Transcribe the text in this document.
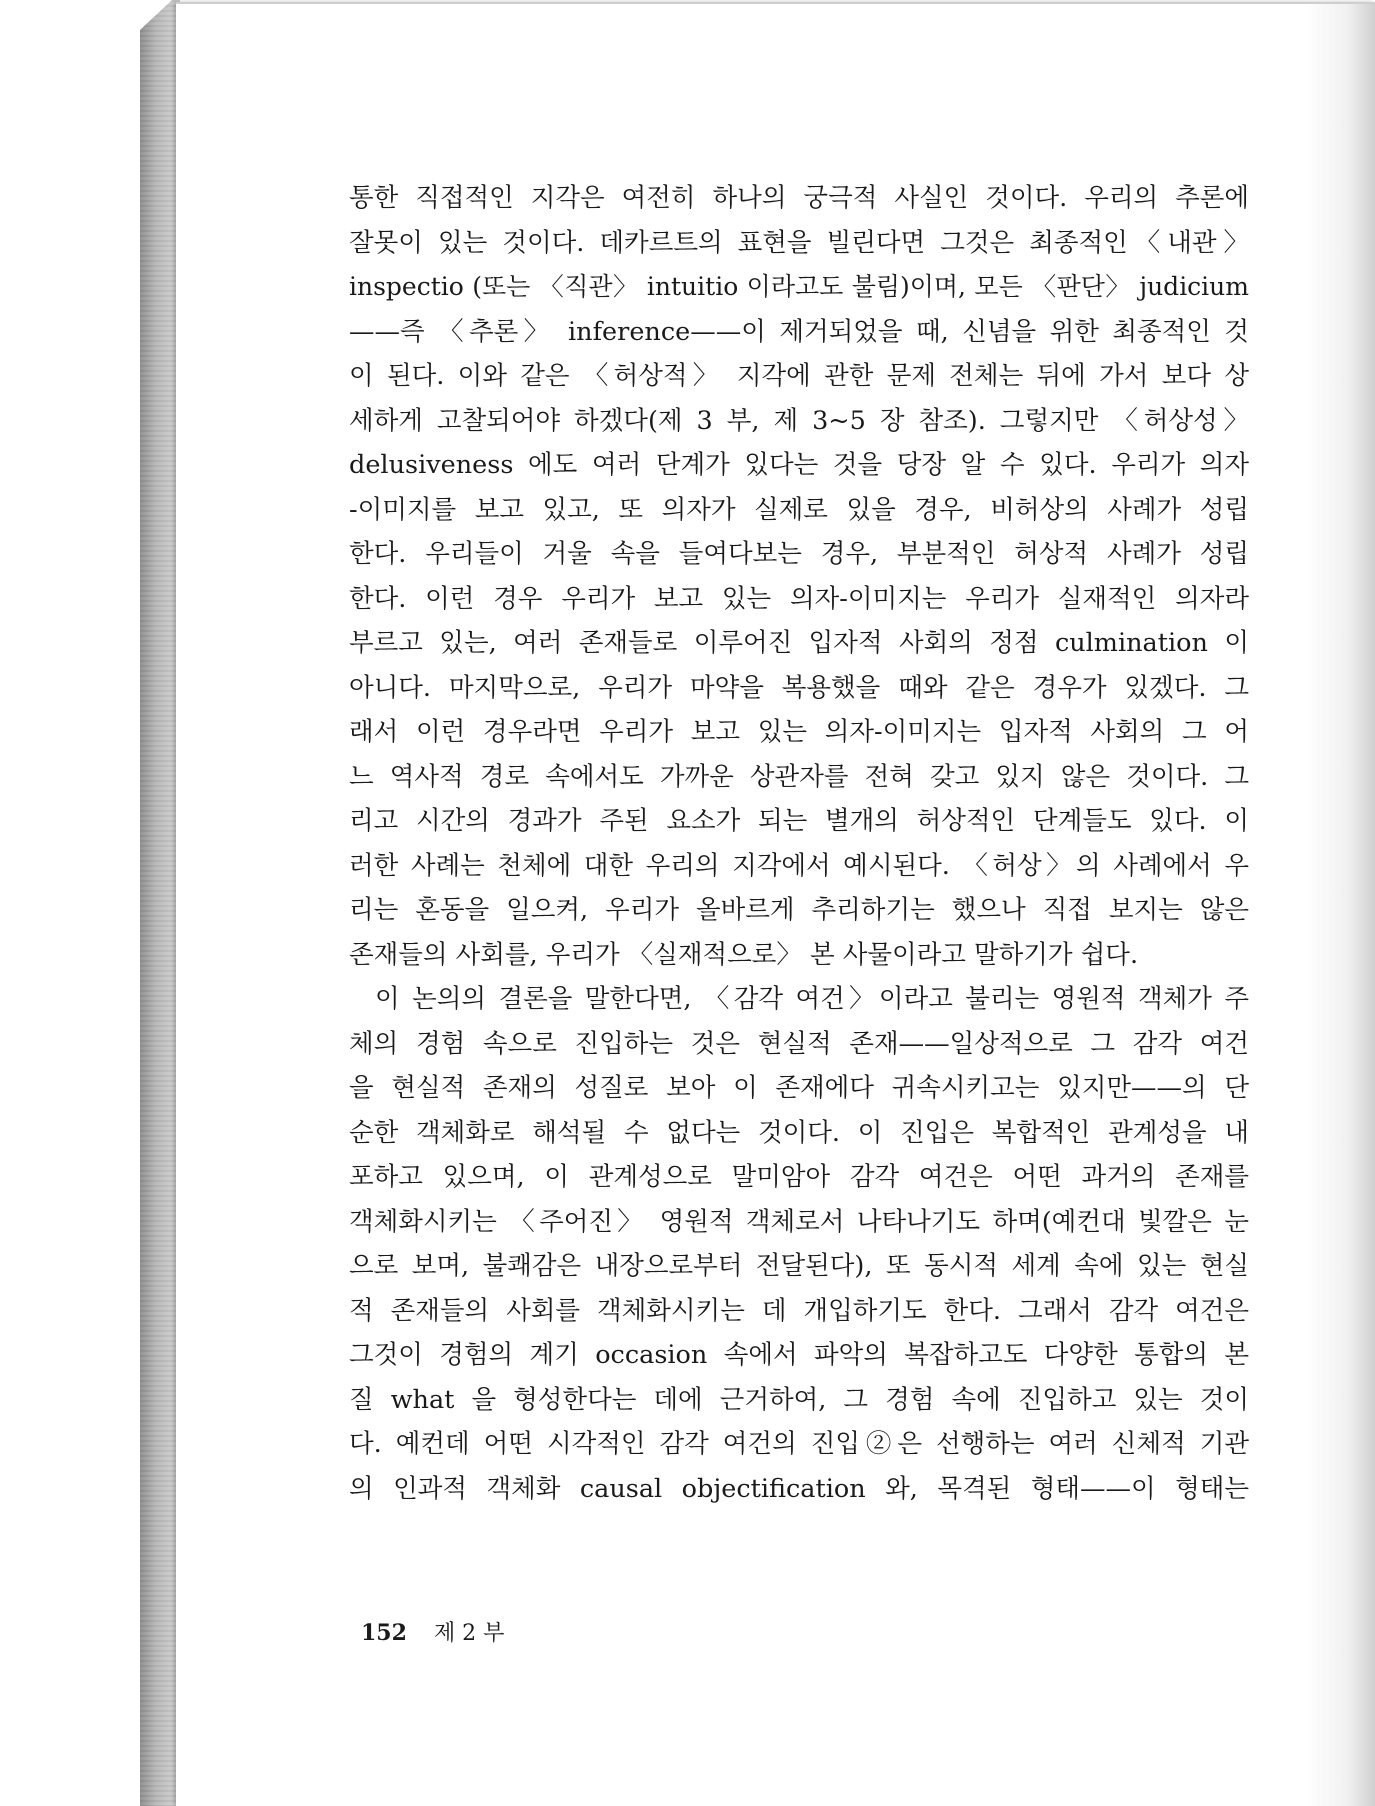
통한 직접적인 지각은 여전히 하나의 궁극적 사실인 것이다. 우리의 추론에
잘못이 있는 것이다. 데카르트의 표현을 빌린다면 그것은 최종적인〈내관〉
inspectio (또는 〈직관〉 intuitio 이라고도 불림)이며, 모든 〈판단〉 judicium
——즉 〈추론〉 inference——이 제거되었을 때, 신념을 위한 최종적인 것
이 된다. 이와 같은 〈허상적〉 지각에 관한 문제 전체는 뒤에 가서 보다 상
세하게 고찰되어야 하겠다(제 3 부, 제 3~5 장 참조). 그렇지만 〈허상성〉
delusiveness 에도 여러 단계가 있다는 것을 당장 알 수 있다. 우리가 의자
-이미지를 보고 있고, 또 의자가 실제로 있을 경우, 비허상의 사례가 성립
한다. 우리들이 거울 속을 들여다보는 경우, 부분적인 허상적 사례가 성립
한다. 이런 경우 우리가 보고 있는 의자-이미지는 우리가 실재적인 의자라
부르고 있는, 여러 존재들로 이루어진 입자적 사회의 정점 culmination 이
아니다. 마지막으로, 우리가 마약을 복용했을 때와 같은 경우가 있겠다. 그
래서 이런 경우라면 우리가 보고 있는 의자-이미지는 입자적 사회의 그 어
느 역사적 경로 속에서도 가까운 상관자를 전혀 갖고 있지 않은 것이다. 그
리고 시간의 경과가 주된 요소가 되는 별개의 허상적인 단계들도 있다. 이
러한 사례는 천체에 대한 우리의 지각에서 예시된다. 〈허상〉의 사례에서 우
리는 혼동을 일으켜, 우리가 올바르게 추리하기는 했으나 직접 보지는 않은
존재들의 사회를, 우리가 〈실재적으로〉 본 사물이라고 말하기가 쉽다.
이 논의의 결론을 말한다면, 〈감각 여건〉이라고 불리는 영원적 객체가 주
체의 경험 속으로 진입하는 것은 현실적 존재——일상적으로 그 감각 여건
을 현실적 존재의 성질로 보아 이 존재에다 귀속시키고는 있지만——의 단
순한 객체화로 해석될 수 없다는 것이다. 이 진입은 복합적인 관계성을 내
포하고 있으며, 이 관계성으로 말미암아 감각 여건은 어떤 과거의 존재를
객체화시키는 〈주어진〉 영원적 객체로서 나타나기도 하며(예컨대 빛깔은 눈
으로 보며, 불쾌감은 내장으로부터 전달된다), 또 동시적 세계 속에 있는 현실
적 존재들의 사회를 객체화시키는 데 개입하기도 한다. 그래서 감각 여건은
그것이 경험의 계기 occasion 속에서 파악의 복잡하고도 다양한 통합의 본
질 what 을 형성한다는 데에 근거하여, 그 경험 속에 진입하고 있는 것이
다. 예컨데 어떤 시각적인 감각 여건의 진입②은 선행하는 여러 신체적 기관
의 인과적 객체화 causal objectification 와, 목격된 형태——이 형태는
152 제 2 부
